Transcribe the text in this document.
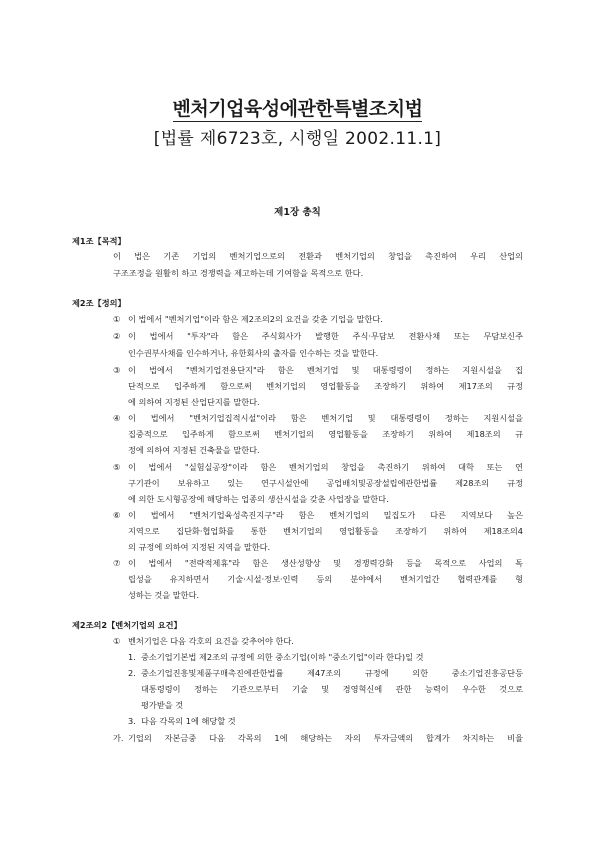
벤처기업육성에관한특별조치법
[법률 제6723호, 시행일 2002.11.1]
제1장 총칙
제1조【목적】
이 법은 기존 기업의 벤처기업으로의 전환과 벤처기업의 창업을 촉진하여 우리 산업의
구조조정을 원활히 하고 경쟁력을 제고하는데 기여함을 목적으로 한다.
제2조【정의】
① 이 법에서 "벤처기업"이라 함은 제2조의2의 요건을 갖춘 기업을 말한다.
② 이 법에서 "투자"라 함은 주식회사가 발행한 주식·무담보 전환사채 또는 무담보신주
인수권부사채를 인수하거나, 유한회사의 출자를 인수하는 것을 말한다.
③ 이 법에서 "벤처기업전용단지"라 함은 벤처기업 및 대통령령이 정하는 지원시설을 집
단적으로 입주하게 함으로써 벤처기업의 영업활동을 조장하기 위하여 제17조의 규정
에 의하여 지정된 산업단지를 말한다.
④ 이 법에서 "벤처기업집적시설"이라 함은 벤처기업 및 대통령령이 정하는 지원시설을
집중적으로 입주하게 함으로써 벤처기업의 영업활동을 조장하기 위하여 제18조의 규
정에 의하여 지정된 건축물을 말한다.
⑤ 이 법에서 "실험실공장"이라 함은 벤처기업의 창업을 촉진하기 위하여 대학 또는 연
구기관이 보유하고 있는 연구시설안에 공업배치및공장설립에관한법률 제28조의 규정
에 의한 도시형공장에 해당하는 업종의 생산시설을 갖춘 사업장을 말한다.
⑥ 이 법에서 "벤처기업육성촉진지구"라 함은 벤처기업의 밀집도가 다른 지역보다 높은
지역으로 집단화·협업화를 통한 벤처기업의 영업활동을 조장하기 위하여 제18조의4
의 규정에 의하여 지정된 지역을 말한다.
⑦ 이 법에서 "전략적제휴"라 함은 생산성향상 및 경쟁력강화 등을 목적으로 사업의 독
립성을 유지하면서 기술·시설·정보·인력 등의 분야에서 벤처기업간 협력관계를 형
성하는 것을 말한다.
제2조의2【벤처기업의 요건】
① 벤처기업은 다음 각호의 요건을 갖추어야 한다.
1. 중소기업기본법 제2조의 규정에 의한 중소기업(이하 "중소기업"이라 한다)일 것
2. 중소기업진흥및제품구매촉진에관한법률 제47조의 규정에 의한 중소기업진흥공단등
대통령령이 정하는 기관으로부터 기술 및 경영혁신에 관한 능력이 우수한 것으로
평가받을 것
3. 다음 각목의 1에 해당할 것
가. 기업의 자본금중 다음 각목의 1에 해당하는 자의 투자금액의 합계가 차지하는 비율
